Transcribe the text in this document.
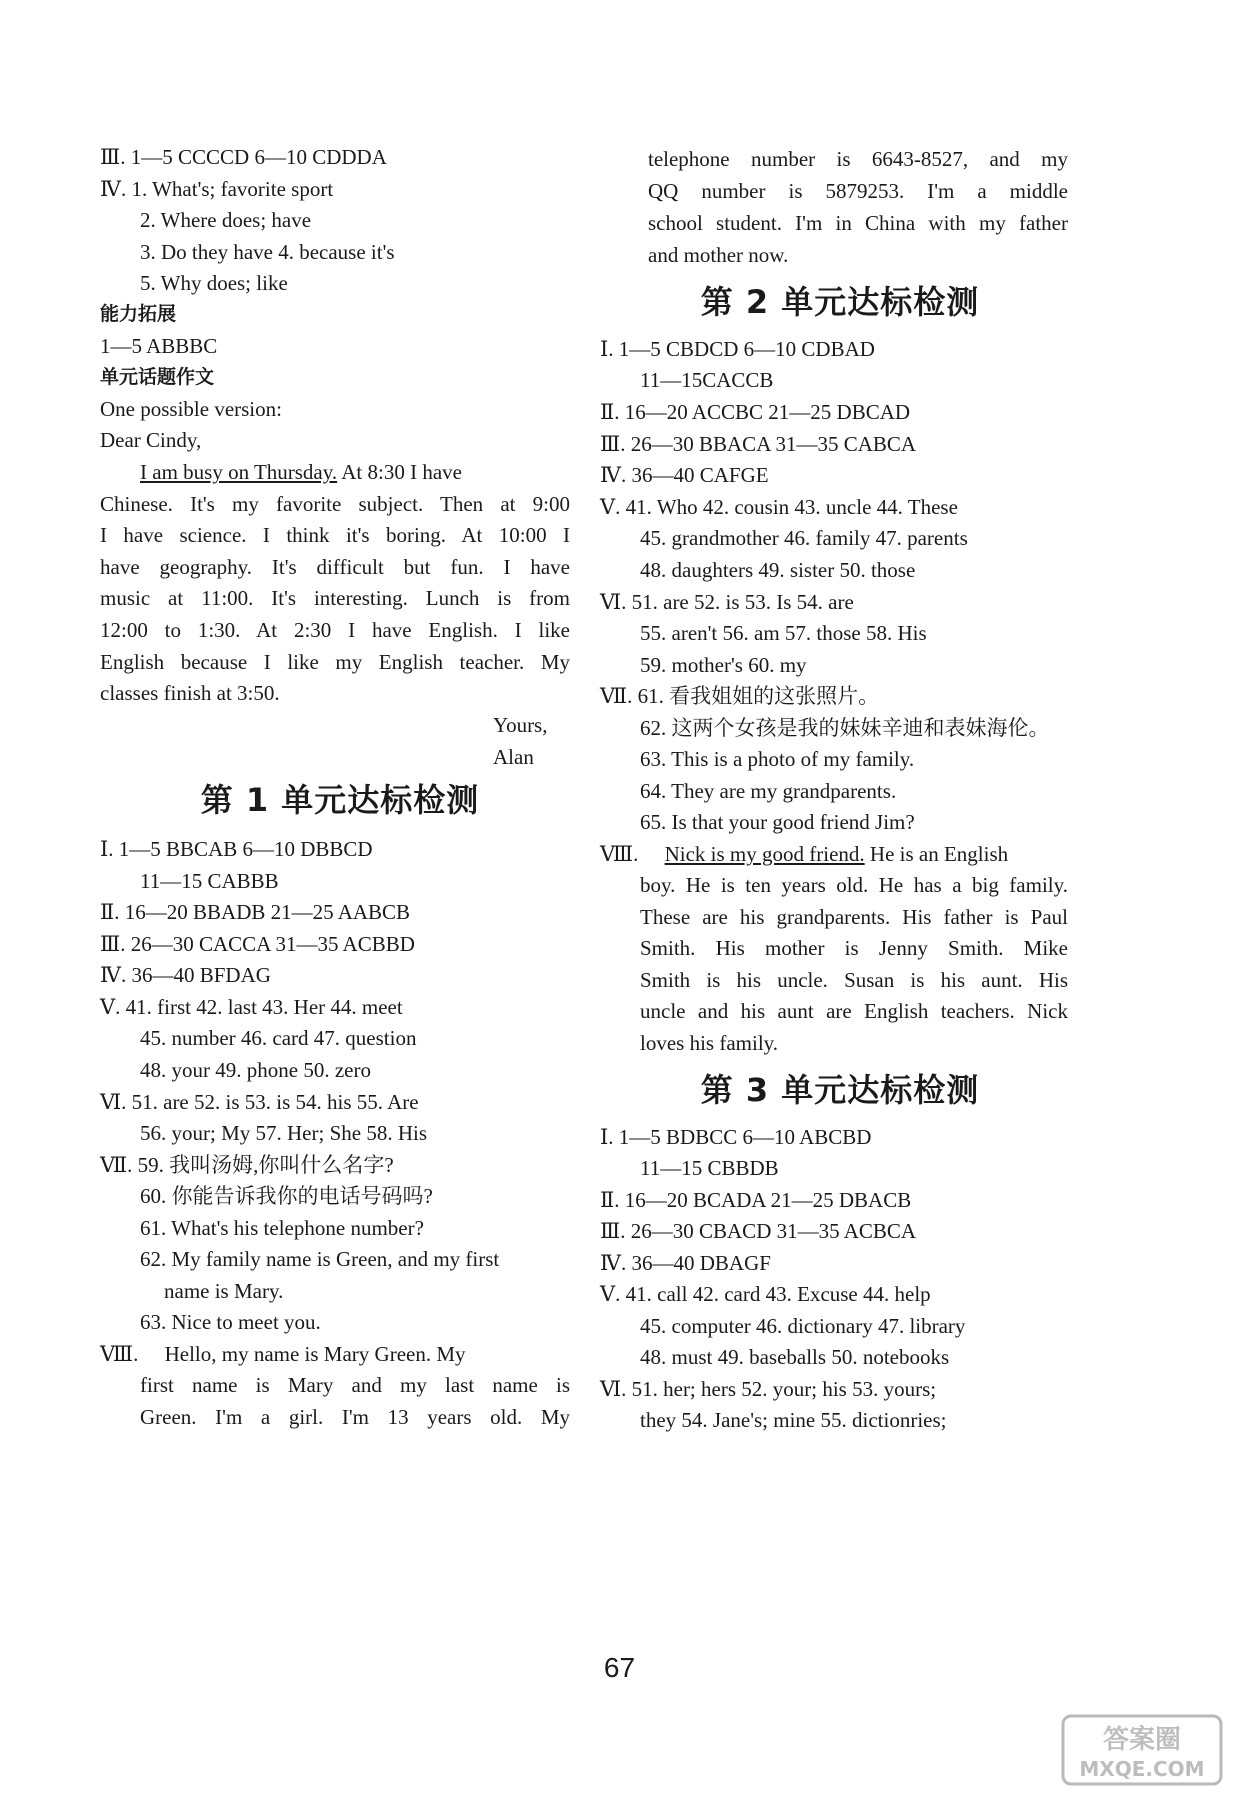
Ⅲ. 1—5 CCCCD 6—10 CDDDA
Ⅳ. 1. What's; favorite sport
2. Where does; have
3. Do they have 4. because it's
5. Why does; like
能力拓展
1—5 ABBBC
单元话题作文
One possible version:
Dear Cindy,
I am busy on Thursday. At 8:30 I have
Chinese. It's my favorite subject. Then at 9:00
I have science. I think it's boring. At 10:00 I
have geography. It's difficult but fun. I have
music at 11:00. It's interesting. Lunch is from
12:00 to 1:30. At 2:30 I have English. I like
English because I like my English teacher. My
classes finish at 3:50.
Yours,
Alan
第 1 单元达标检测
Ⅰ. 1—5 BBCAB 6—10 DBBCD
11—15 CABBB
Ⅱ. 16—20 BBADB 21—25 AABCB
Ⅲ. 26—30 CACCA 31—35 ACBBD
Ⅳ. 36—40 BFDAG
Ⅴ. 41. first 42. last 43. Her 44. meet
45. number 46. card 47. question
48. your 49. phone 50. zero
Ⅵ. 51. are 52. is 53. is 54. his 55. Are
56. your; My 57. Her; She 58. His
Ⅶ. 59. 我叫汤姆,你叫什么名字?
60. 你能告诉我你的电话号码吗?
61. What's his telephone number?
62. My family name is Green, and my first
name is Mary.
63. Nice to meet you.
Ⅷ.     Hello, my name is Mary Green. My
first name is Mary and my last name is
Green. I'm a girl. I'm 13 years old. My
telephone number is 6643-8527, and my
QQ number is 5879253. I'm a middle
school student. I'm in China with my father
and mother now.
第 2 单元达标检测
Ⅰ. 1—5 CBDCD 6—10 CDBAD
11—15CACCB
Ⅱ. 16—20 ACCBC 21—25 DBCAD
Ⅲ. 26—30 BBACA 31—35 CABCA
Ⅳ. 36—40 CAFGE
Ⅴ. 41. Who 42. cousin 43. uncle 44. These
45. grandmother 46. family 47. parents
48. daughters 49. sister 50. those
Ⅵ. 51. are 52. is 53. Is 54. are
55. aren't 56. am 57. those 58. His
59. mother's 60. my
Ⅶ. 61. 看我姐姐的这张照片。
62. 这两个女孩是我的妹妹辛迪和表妹海伦。
63. This is a photo of my family.
64. They are my grandparents.
65. Is that your good friend Jim?
Ⅷ.     Nick is my good friend. He is an English
boy. He is ten years old. He has a big family.
These are his grandparents. His father is Paul
Smith. His mother is Jenny Smith. Mike
Smith is his uncle. Susan is his aunt. His
uncle and his aunt are English teachers. Nick
loves his family.
第 3 单元达标检测
Ⅰ. 1—5 BDBCC 6—10 ABCBD
11—15 CBBDB
Ⅱ. 16—20 BCADA 21—25 DBACB
Ⅲ. 26—30 CBACD 31—35 ACBCA
Ⅳ. 36—40 DBAGF
Ⅴ. 41. call 42. card 43. Excuse 44. help
45. computer 46. dictionary 47. library
48. must 49. baseballs 50. notebooks
Ⅵ. 51. her; hers 52. your; his 53. yours;
they 54. Jane's; mine 55. dictionries;
67
答案圈
MXQE.COM
